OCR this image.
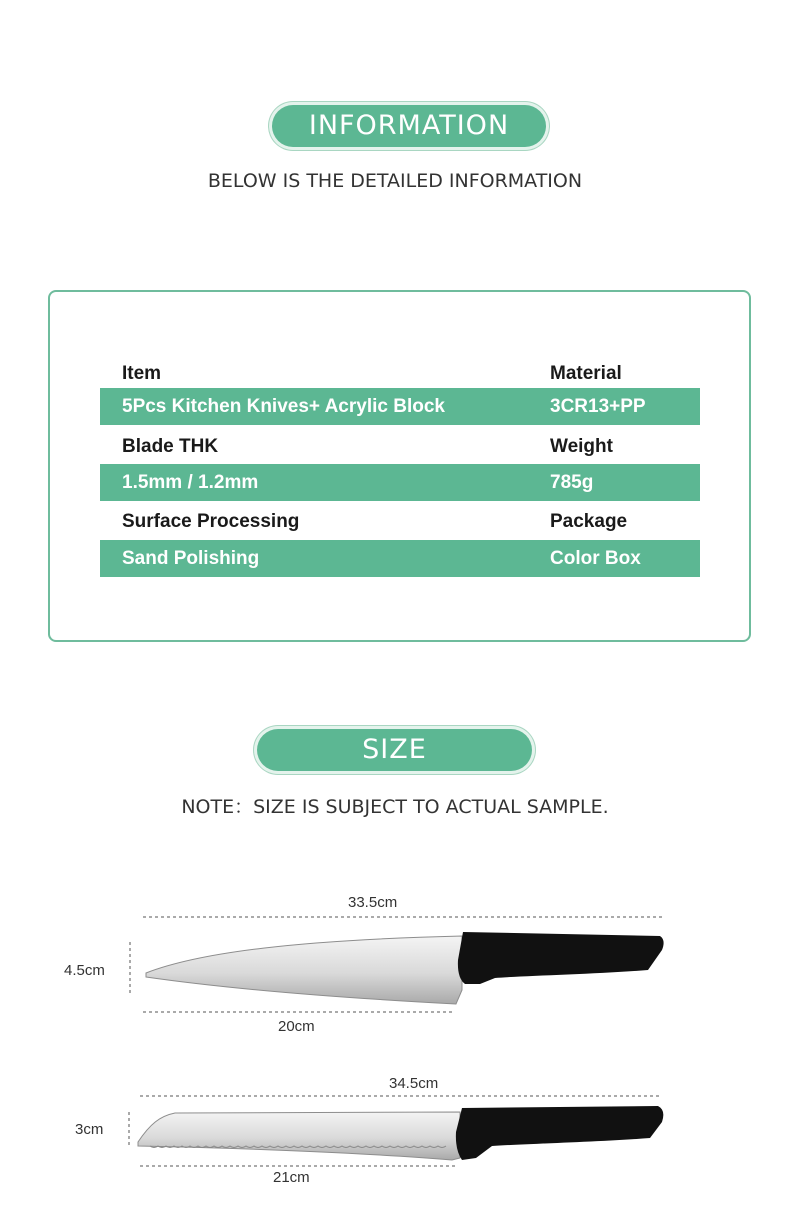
INFORMATION
BELOW IS THE DETAILED INFORMATION
Item	Material
5Pcs Kitchen Knives+ Acrylic Block	3CR13+PP
Blade THK	Weight
1.5mm / 1.2mm	785g
Surface Processing	Package
Sand Polishing	Color Box
SIZE
NOTE：SIZE IS SUBJECT TO ACTUAL SAMPLE.
33.5cm
4.5cm
20cm
34.5cm
3cm
21cm
